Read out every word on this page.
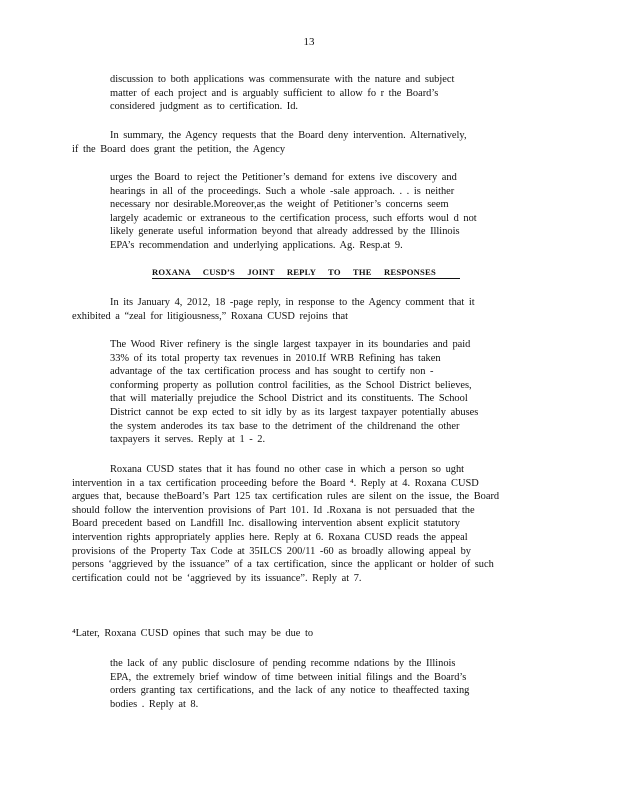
13
discussion to both applications was commensurate with the nature and subject
matter of each project and is arguably sufficient to allow fo r the Board’s
considered judgment as to certification. Id.
In summary, the Agency requests that the Board deny intervention. Alternatively,
if the Board does grant the petition, the Agency
urges the Board to reject the Petitioner’s demand for extens ive discovery and
hearings in all of the proceedings. Such a whole -sale approach. . . is neither
necessary nor desirable.Moreover,as the weight of Petitioner’s concerns seem
largely academic or extraneous to the certification process, such efforts woul d not
likely generate useful information beyond that already addressed by the Illinois
EPA’s recommendation and underlying applications. Ag. Resp.at 9.
ROXANA CUSD’S JOINT REPLY TO THE RESPONSES
In its January 4, 2012, 18 -page reply, in response to the Agency comment that it
exhibited a “zeal for litigiousness,” Roxana CUSD rejoins that
The Wood River refinery is the single largest taxpayer in its boundaries and paid
33% of its total property tax revenues in 2010.If WRB Refining has taken
advantage of the tax certification process and has sought to certify non -
conforming property as pollution control facilities, as the School District believes,
that will materially prejudice the School District and its constituents. The School
District cannot be exp ected to sit idly by as its largest taxpayer potentially abuses
the system anderodes its tax base to the detriment of the childrenand the other
taxpayers it serves. Reply at 1 - 2.
Roxana CUSD states that it has found no other case in which a person so ught
intervention in a tax certification proceeding before the Board ⁴. Reply at 4. Roxana CUSD
argues that, because theBoard’s Part 125 tax certification rules are silent on the issue, the Board
should follow the intervention provisions of Part 101. Id .Roxana is not persuaded that the
Board precedent based on Landfill Inc. disallowing intervention absent explicit statutory
intervention rights appropriately applies here. Reply at 6. Roxana CUSD reads the appeal
provisions of the Property Tax Code at 35ILCS 200/11 -60 as broadly allowing appeal by
persons ‘aggrieved by the issuance” of a tax certification, since the applicant or holder of such
certification could not be ‘aggrieved by its issuance”. Reply at 7.
⁴Later, Roxana CUSD opines that such may be due to
the lack of any public disclosure of pending recomme ndations by the Illinois
EPA, the extremely brief window of time between initial filings and the Board’s
orders granting tax certifications, and the lack of any notice to theaffected taxing
bodies . Reply at 8.
